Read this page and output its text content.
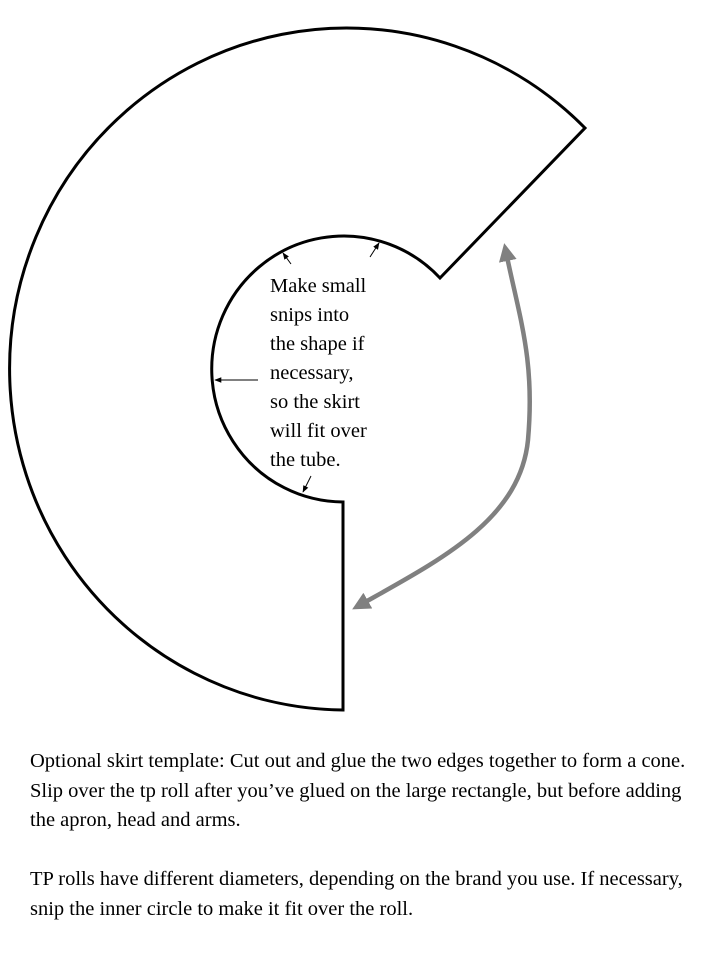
Make small snips into the shape if necessary, so the skirt will fit over the tube.

Optional skirt template: Cut out and glue the two edges together to form a cone. Slip over the tp roll after you’ve glued on the large rectangle, but before adding the apron, head and arms.

TP rolls have different diameters, depending on the brand you use. If necessary, snip the inner circle to make it fit over the roll.
